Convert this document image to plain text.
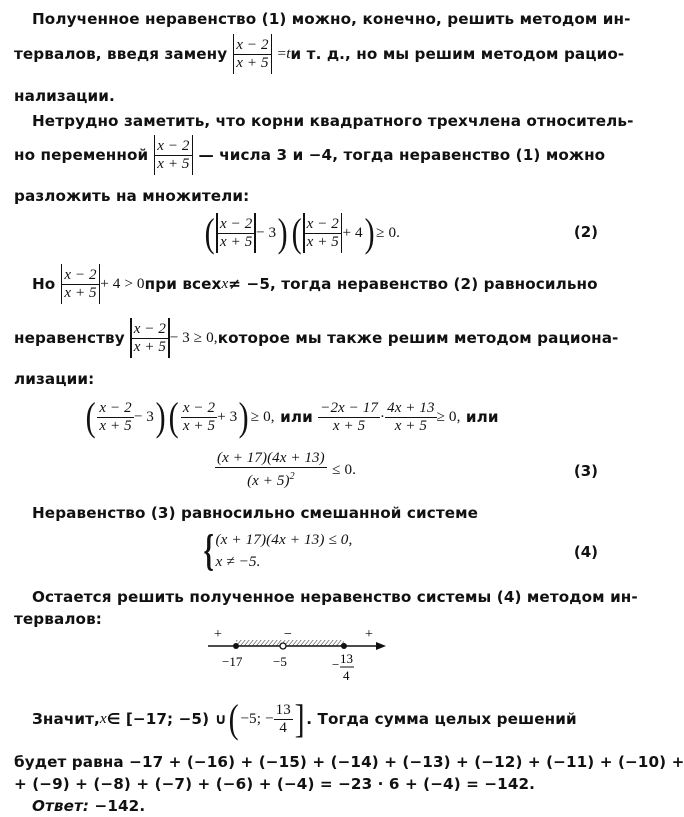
Полученное неравенство (1) можно, конечно, решить методом ин-
тервалов, введя замену
$\frac{x - 2}{x + 5}$
= t и т. д., но мы решим методом рацио-
нализации.
Нетрудно заметить, что корни квадратного трехчлена относитель-
но переменной
$\frac{x - 2}{x + 5}$
— числа 3 и −4, тогда неравенство (1) можно
разложить на множители:
( $\frac{x - 2}{x + 5} - 3$ ) ( $\frac{x - 2}{x + 5} + 4$ ) ≥ 0.	(2)
Но
$\frac{x - 2}{x + 5} + 4 > 0$ при всех x ≠ −5, тогда неравенство (2) равносильно
неравенству
$\frac{x - 2}{x + 5} - 3 \ge 0$, которое мы также решим методом рациона-
лизации:
( $\frac{x - 2}{x + 5} - 3$ ) ( $\frac{x - 2}{x + 5} + 3$ ) ≥ 0,
или
$\frac{-2x - 17}{x + 5} \cdot \frac{4x + 13}{x + 5} \ge 0$,
или
$\frac{(x + 17)(4x + 13)}{(x + 5)^2}$
≤ 0.	(3)
Неравенство (3) равносильно смешанной системе
{ (x + 17)(4x + 13) ≤ 0,
x ≠ −5.
(4)
Остается решить полученное неравенство системы (4) методом ин-
тервалов:
+	−	+
−17 −5	− 13
4
Значит, x ∈ [−17; −5) ∪ ( −5; − $\frac{13}{4}$ ] . Тогда сумма целых решений
будет равна −17 + (−16) + (−15) + (−14) + (−13) + (−12) + (−11) + (−10) +
+ (−9) + (−8) + (−7) + (−6) + (−4) = −23 · 6 + (−4) = −142.
Ответ: −142.
